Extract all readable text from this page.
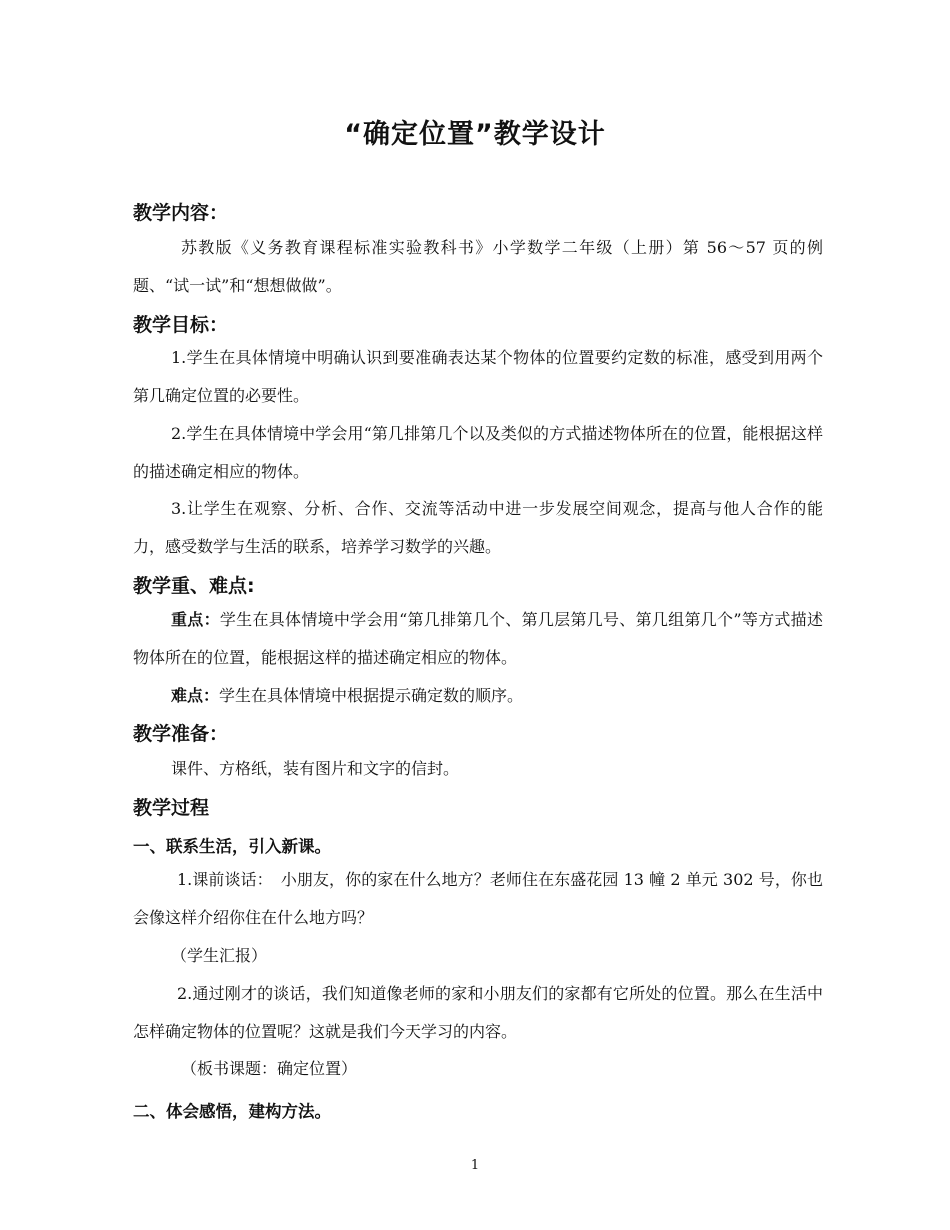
“确定位置”教学设计
教学内容：
苏教版《义务教育课程标准实验教科书》小学数学二年级（上册）第 56～57 页的例题、“试一试”和“想想做做”。
教学目标：
1.学生在具体情境中明确认识到要准确表达某个物体的位置要约定数的标准，感受到用两个第几确定位置的必要性。
2.学生在具体情境中学会用“第几排第几个以及类似的方式描述物体所在的位置，能根据这样的描述确定相应的物体。
3.让学生在观察、分析、合作、交流等活动中进一步发展空间观念，提高与他人合作的能力，感受数学与生活的联系，培养学习数学的兴趣。
教学重、难点:
重点：学生在具体情境中学会用“第几排第几个、第几层第几号、第几组第几个”等方式描述物体所在的位置，能根据这样的描述确定相应的物体。
难点：学生在具体情境中根据提示确定数的顺序。
教学准备：
课件、方格纸，装有图片和文字的信封。
教学过程
一、联系生活，引入新课。
1.课前谈话：　小朋友，你的家在什么地方？老师住在东盛花园 13 幢 2 单元 302 号，你也会像这样介绍你住在什么地方吗？
（学生汇报）
2.通过刚才的谈话，我们知道像老师的家和小朋友们的家都有它所处的位置。那么在生活中怎样确定物体的位置呢？这就是我们今天学习的内容。
（板书课题：确定位置）
二、体会感悟，建构方法。
1
